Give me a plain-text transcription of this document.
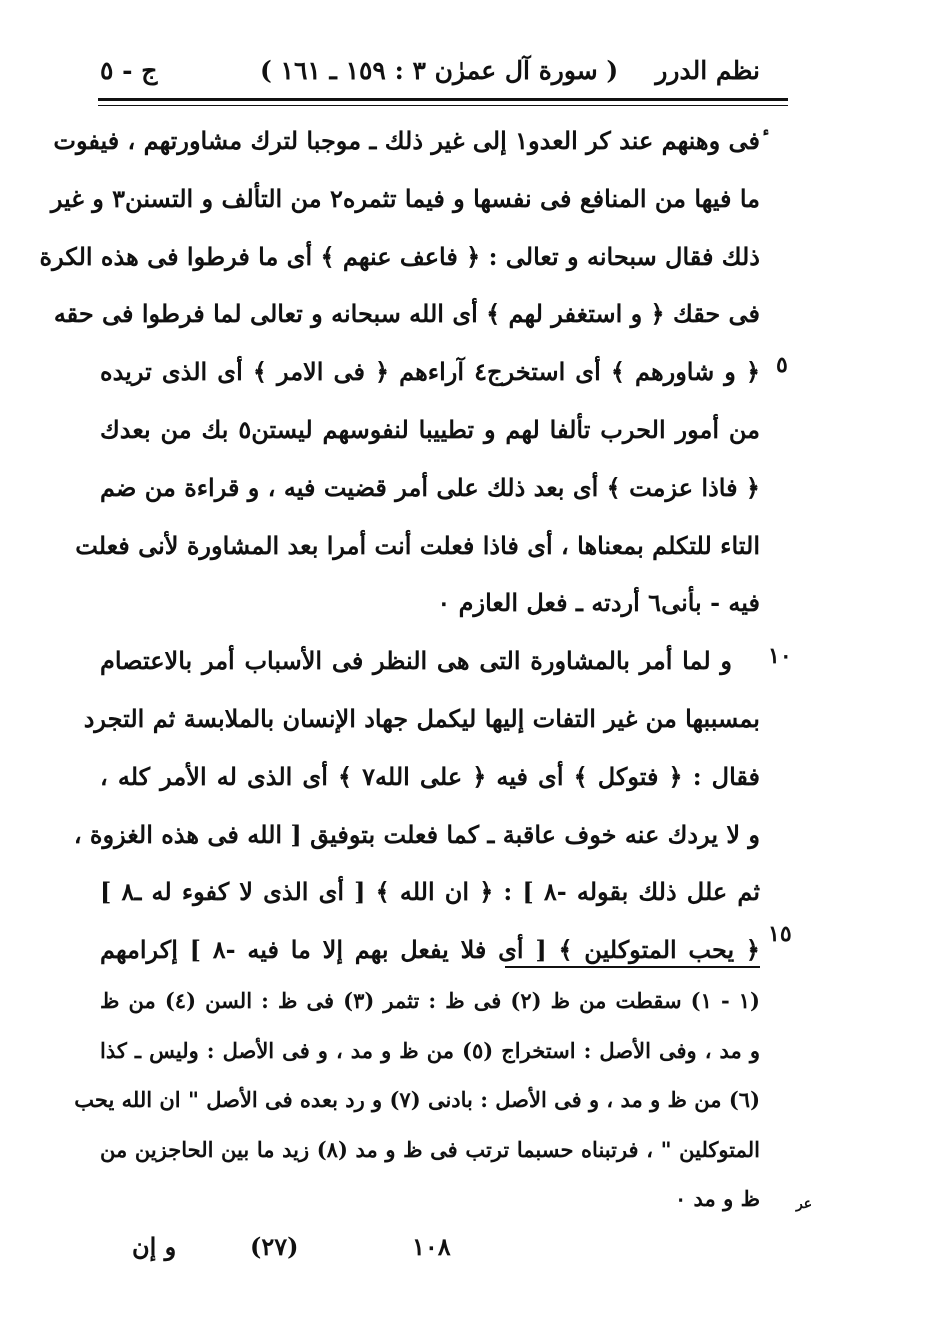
نظم الدرر
( سورة آل عمرٰن ٣ : ١٥٩ ـ ١٦١ )
ج - ٥
ٔفی وھنھم عند کر العدو١ إلی غیر ذلك ـ موجبا لترك مشاورتھم ، فیفوت
ما فیھا من المنافع فی نفسھا و فیما تثمره٢ من التألف و التسنن٣ و غیر
ذلك فقال سبحانه و تعالی : ﴿ فاعف عنھم ﴾ أی ما فرطوا فی ھذه الکرة
فی حقك ﴿ و استغفر لھم ﴾ أی الله سبحانه و تعالی لما فرطوا فی حقه
﴿ و شاورھم ﴾ أی استخرج٤ آراءھم ﴿ فی الامر ﴾ أی الذی تریده
من أمور الحرب تألفا لھم و تطییبا لنفوسھم لیستن٥ بك من بعدك
﴿ فاذا عزمت ﴾ أی بعد ذلك علی أمر قضیت فیه ، و قراءة من ضم
التاء للتکلم بمعناھا ، أی فاذا فعلت أنت أمرا بعد المشاورة لأنی فعلت
فیه - بأنی٦ أردته ـ فعل العازم ٠
و لما أمر بالمشاورة التی ھی النظر فی الأسباب أمر بالاعتصام
بمسببھا من غیر التفات إلیھا لیکمل جھاد الإنسان بالملابسة ثم التجرد
فقال : ﴿ فتوکل ﴾ أی فیه ﴿ علی الله٧ ﴾ أی الذی له الأمر کله ،
و لا یردك عنه خوف عاقبة ـ کما فعلت بتوفیق [ الله فی ھذه الغزوة ،
ثم علل ذلك بقوله -٨ ] : ﴿ ان الله ﴾ [ أی الذی لا کفوء له ـ٨ ]
﴿ یحب المتوکلین ﴾ [ أی فلا یفعل بھم إلا ما فیه -٨ ] إکرامھم
٥
١٠
١٥
(١ - ١) سقطت من ظ (٢) فی ظ : تثمر (٣) فی ظ : السن (٤) من ظ
و مد ، وفی الأصل : استخراج (٥) من ظ و مد ، و فی الأصل : ولیس ـ کذا
(٦) من ظ و مد ، و فی الأصل : بادنی (٧) و رد بعده فی الأصل " ان الله یحب
المتوکلین " ، فرتبناه حسبما ترتب فی ظ و مد (٨) زید ما بین الحاجزین من
ظ و مد ٠	عر
١٠٨
(٢٧)
و إن
